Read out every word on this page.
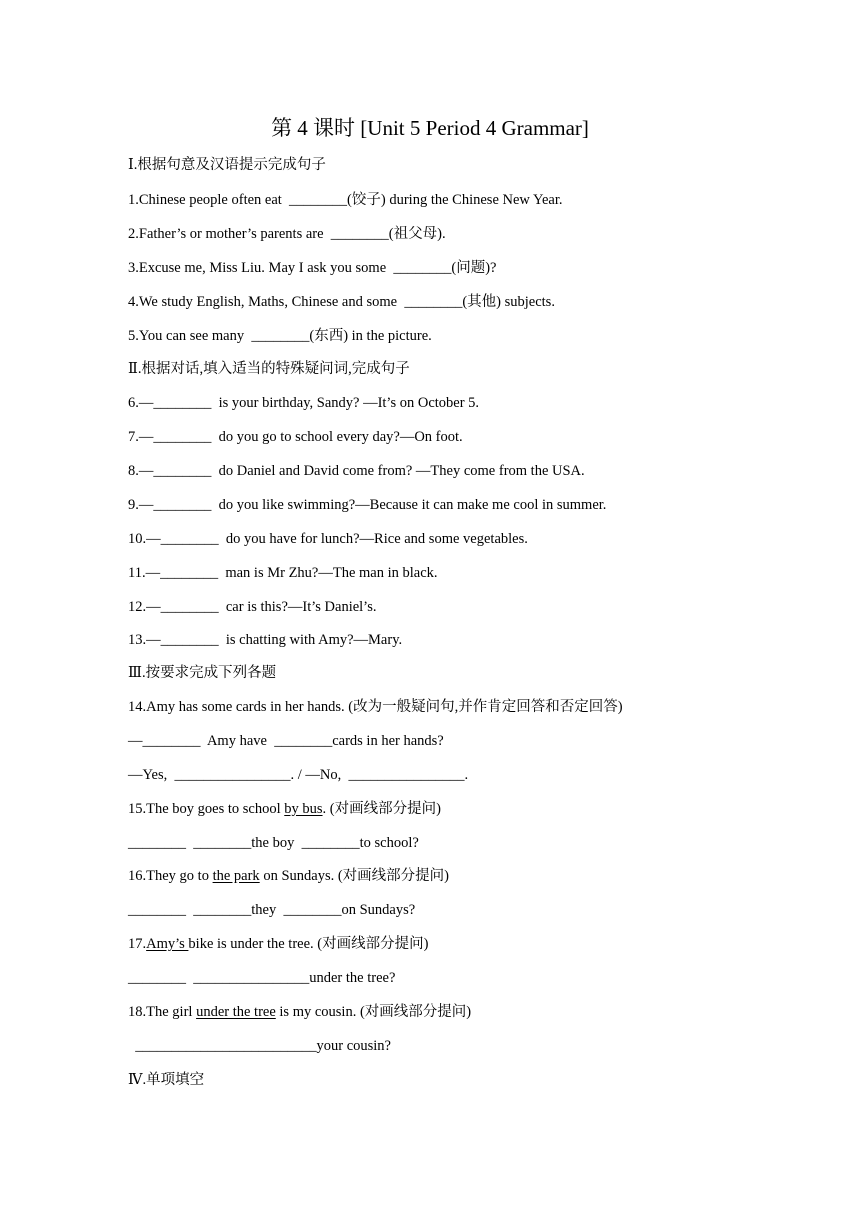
第 4 课时 [Unit 5 Period 4 Grammar]
Ⅰ.根据句意及汉语提示完成句子
1.Chinese people often eat  ________(饺子) during the Chinese New Year.
2.Father’s or mother’s parents are  ________(祖父母).
3.Excuse me, Miss Liu. May I ask you some  ________(问题)?
4.We study English, Maths, Chinese and some  ________(其他) subjects.
5.You can see many  ________(东西) in the picture.
Ⅱ.根据对话,填入适当的特殊疑问词,完成句子
6.—________  is your birthday, Sandy? —It’s on October 5.
7.—________  do you go to school every day?—On foot.
8.—________  do Daniel and David come from? —They come from the USA.
9.—________  do you like swimming?—Because it can make me cool in summer.
10.—________  do you have for lunch?—Rice and some vegetables.
11.—________  man is Mr Zhu?—The man in black.
12.—________  car is this?—It’s Daniel’s.
13.—________  is chatting with Amy?—Mary.
Ⅲ.按要求完成下列各题
14.Amy has some cards in her hands. (改为一般疑问句,并作肯定回答和否定回答)
—________  Amy have  ________cards in her hands?
—Yes,  ________________. / —No,  ________________.
15.The boy goes to school by bus. (对画线部分提问)
________  ________the boy  ________to school?
16.They go to the park on Sundays. (对画线部分提问)
________  ________they  ________on Sundays?
17.Amy’s bike is under the tree. (对画线部分提问)
________  ________________under the tree?
18.The girl under the tree is my cousin. (对画线部分提问)
_________________________your cousin?
Ⅳ.单项填空
